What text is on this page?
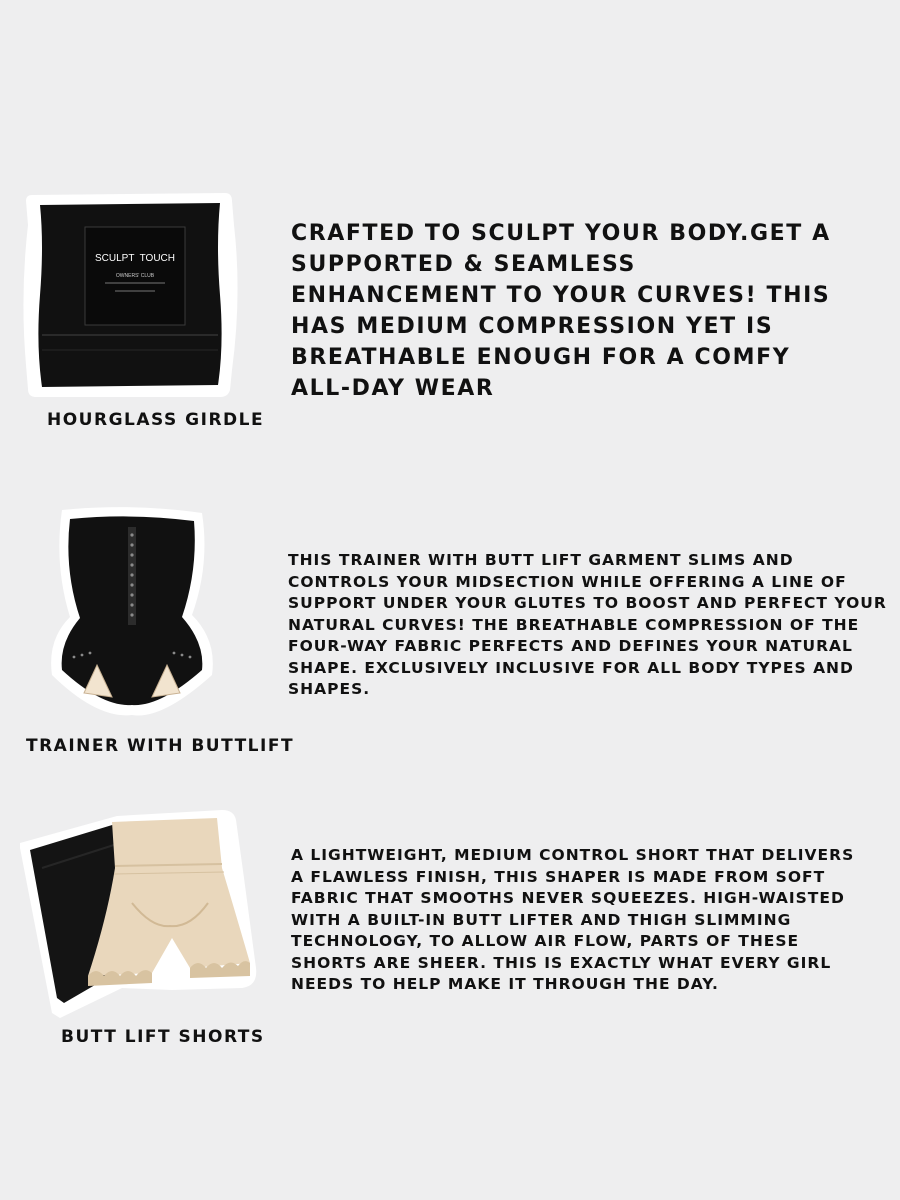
SCULPT  TOUCH
OWNERS' CLUB
HOURGLASS GIRDLE

CRAFTED TO SCULPT YOUR BODY.GET A SUPPORTED & SEAMLESS ENHANCEMENT TO YOUR CURVES! THIS HAS MEDIUM COMPRESSION YET IS BREATHABLE ENOUGH FOR A COMFY ALL-DAY WEAR

TRAINER WITH BUTTLIFT

THIS TRAINER WITH BUTT LIFT GARMENT SLIMS AND CONTROLS YOUR MIDSECTION WHILE OFFERING A LINE OF SUPPORT UNDER YOUR GLUTES TO BOOST AND PERFECT YOUR NATURAL CURVES! THE BREATHABLE COMPRESSION OF THE FOUR-WAY FABRIC PERFECTS AND DEFINES YOUR NATURAL SHAPE. EXCLUSIVELY INCLUSIVE FOR ALL BODY TYPES AND SHAPES.

BUTT LIFT SHORTS

A LIGHTWEIGHT, MEDIUM CONTROL SHORT THAT DELIVERS A FLAWLESS FINISH, THIS SHAPER IS MADE FROM SOFT FABRIC THAT SMOOTHS NEVER SQUEEZES. HIGH-WAISTED WITH A BUILT-IN BUTT LIFTER AND THIGH SLIMMING TECHNOLOGY, TO ALLOW AIR FLOW, PARTS OF THESE SHORTS ARE SHEER. THIS IS EXACTLY WHAT EVERY GIRL NEEDS TO HELP MAKE IT THROUGH THE DAY.
